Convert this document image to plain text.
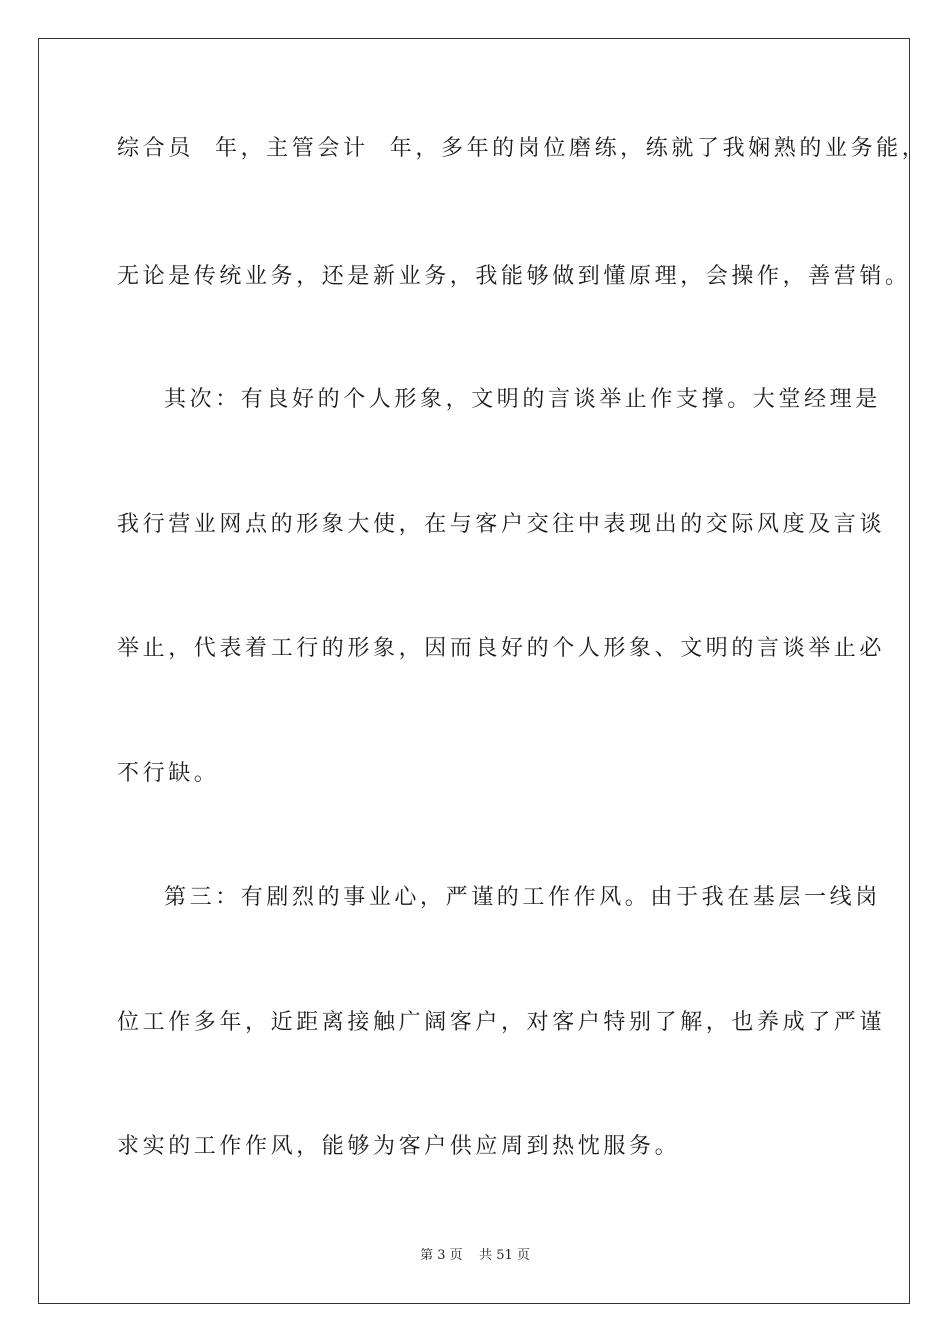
综合员  年，主管会计  年，多年的岗位磨练，练就了我娴熟的业务能，
无论是传统业务，还是新业务，我能够做到懂原理，会操作，善营销。
其次：有良好的个人形象，文明的言谈举止作支撑。大堂经理是
我行营业网点的形象大使，在与客户交往中表现出的交际风度及言谈
举止，代表着工行的形象，因而良好的个人形象、文明的言谈举止必
不行缺。
第三：有剧烈的事业心，严谨的工作作风。由于我在基层一线岗
位工作多年，近距离接触广阔客户，对客户特别了解，也养成了严谨
求实的工作作风，能够为客户供应周到热忱服务。
第 3 页    共 51 页
